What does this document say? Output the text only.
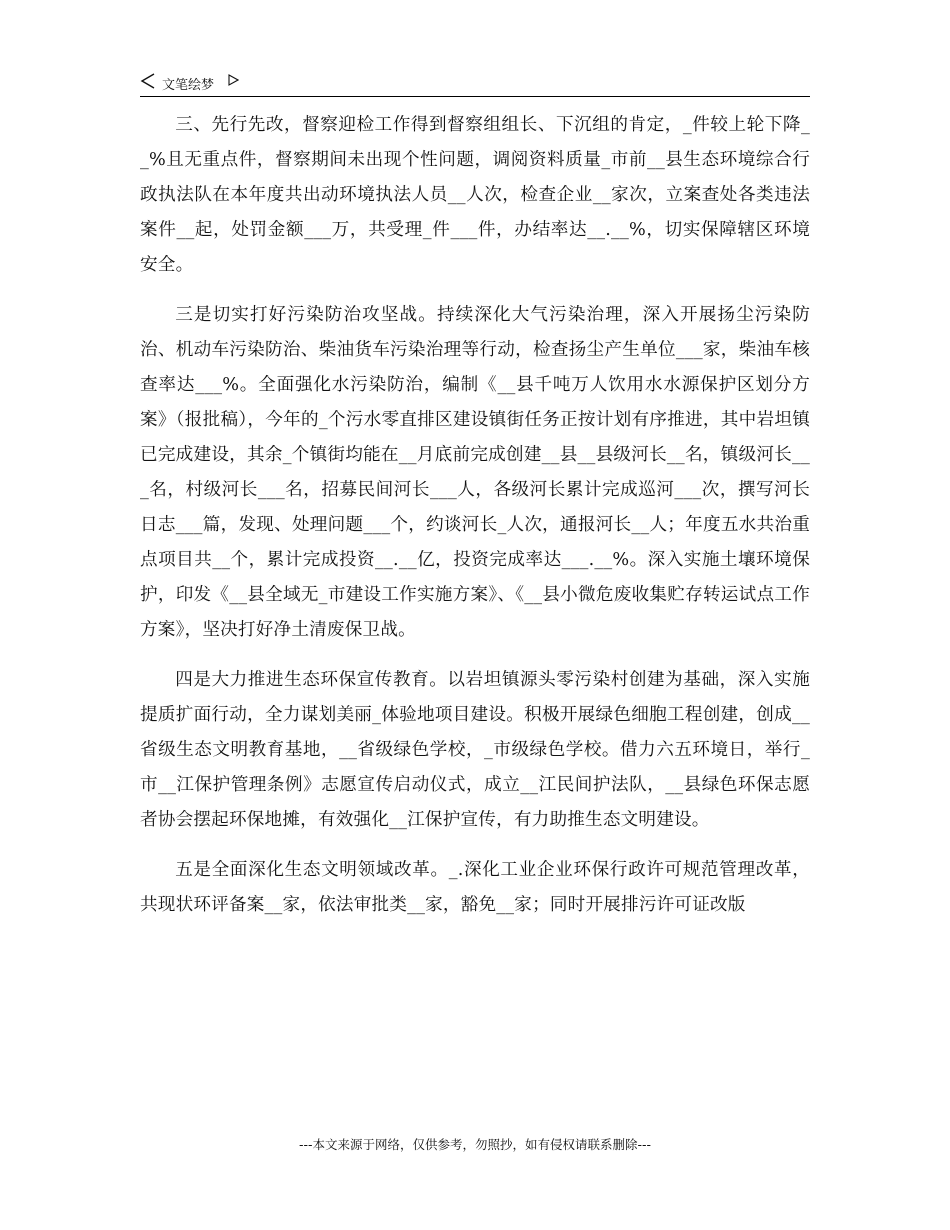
文笔绘梦

三、先行先改，督察迎检工作得到督察组组长、下沉组的肯定，_件较上轮下降__%且无重点件，督察期间未出现个性问题，调阅资料质量_市前__县生态环境综合行政执法队在本年度共出动环境执法人员__人次，检查企业__家次，立案查处各类违法案件__起，处罚金额___万，共受理_件___件，办结率达__.__%，切实保障辖区环境安全。

三是切实打好污染防治攻坚战。持续深化大气污染治理，深入开展扬尘污染防治、机动车污染防治、柴油货车污染治理等行动，检查扬尘产生单位___家，柴油车核查率达___%。全面强化水污染防治，编制《__县千吨万人饮用水水源保护区划分方案》（报批稿），今年的_个污水零直排区建设镇街任务正按计划有序推进，其中岩坦镇已完成建设，其余_个镇街均能在__月底前完成创建__县__县级河长__名，镇级河长___名，村级河长___名，招募民间河长___人，各级河长累计完成巡河___次，撰写河长日志___篇，发现、处理问题___个，约谈河长_人次，通报河长__人；年度五水共治重点项目共__个，累计完成投资__.__亿，投资完成率达___.__%。深入实施土壤环境保护，印发《__县全域无_市建设工作实施方案》、《__县小微危废收集贮存转运试点工作方案》，坚决打好净土清废保卫战。

四是大力推进生态环保宣传教育。以岩坦镇源头零污染村创建为基础，深入实施提质扩面行动，全力谋划美丽_体验地项目建设。积极开展绿色细胞工程创建，创成__省级生态文明教育基地，__省级绿色学校，_市级绿色学校。借力六五环境日，举行_市__江保护管理条例》志愿宣传启动仪式，成立__江民间护法队，__县绿色环保志愿者协会摆起环保地摊，有效强化__江保护宣传，有力助推生态文明建设。

五是全面深化生态文明领域改革。_.深化工业企业环保行政许可规范管理改革，共现状环评备案__家，依法审批类__家，豁免__家；同时开展排污许可证改版

---本文来源于网络，仅供参考，勿照抄，如有侵权请联系删除---
